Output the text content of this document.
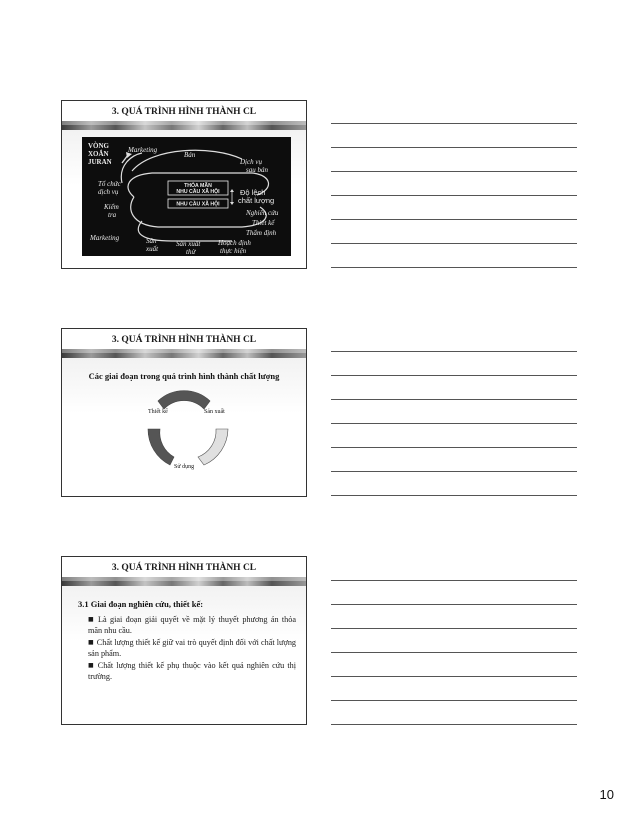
3. QUÁ TRÌNH HÌNH THÀNH CL
VÒNG
XOẮN
JURAN
Marketing
Bán
Dịch vụ
sau bán
Tổ chức
dịch vụ
THỎA MÃN
NHU CẦU XÃ HỘI
NHU CẦU XÃ HỘI
Độ lệch
chất lượng
Kiểm
tra	Nghiên cứu
Thiết kế
Thẩm định
Marketing	Sản
xuất
Sản xuất
thử
Hoạch định
thực hiện
3. QUÁ TRÌNH HÌNH THÀNH CL
Các giai đoạn trong quá trình hình thành chất lượng
Thiết kế	Sản xuất
Sử dụng
3. QUÁ TRÌNH HÌNH THÀNH CL
3.1 Giai đoạn nghiên cứu, thiết kế:
■ Là giai đoạn giải quyết về mặt lý thuyết phương án thỏa mãn nhu cầu.
■ Chất lượng thiết kế giữ vai trò quyết định đối với chất lượng sản phẩm.
■ Chất lượng thiết kế phụ thuộc vào kết quả nghiên cứu thị trường.
10
